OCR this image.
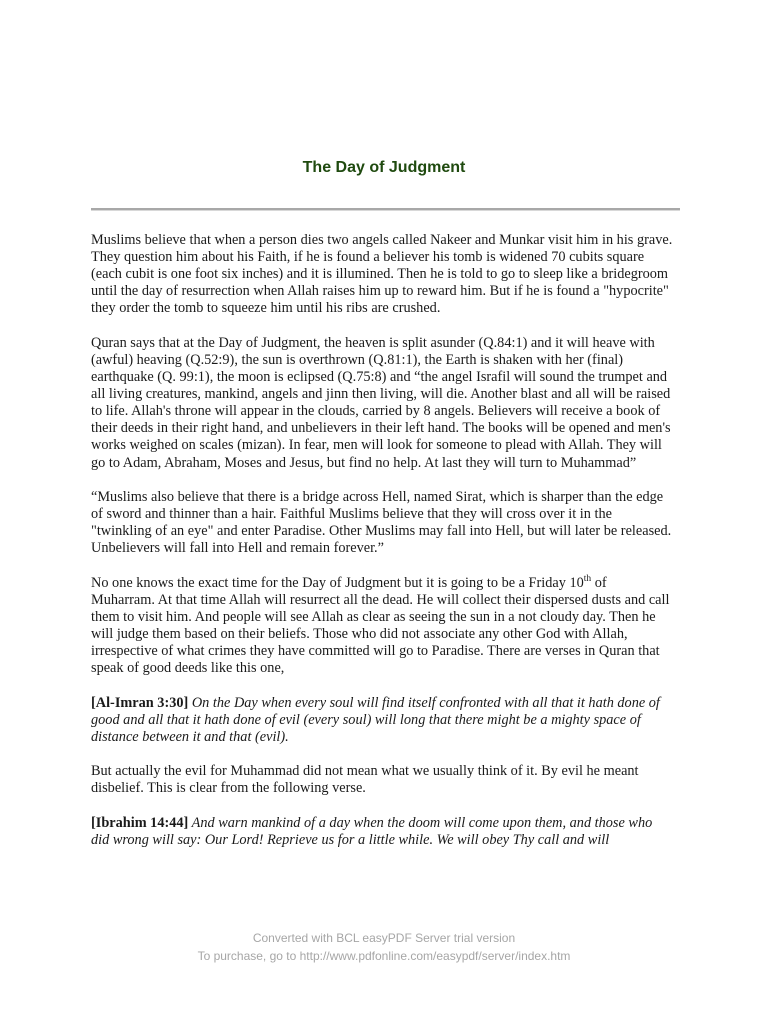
The Day of Judgment

Muslims believe that when a person dies two angels called Nakeer and Munkar visit him in his grave. They question him about his Faith, if he is found a believer his tomb is widened 70 cubits square (each cubit is one foot six inches) and it is illumined. Then he is told to go to sleep like a bridegroom until the day of resurrection when Allah raises him up to reward him. But if he is found a "hypocrite" they order the tomb to squeeze him until his ribs are crushed.

Quran says that at the Day of Judgment, the heaven is split asunder (Q.84:1) and it will heave with (awful) heaving (Q.52:9), the sun is overthrown (Q.81:1), the Earth is shaken with her (final) earthquake (Q. 99:1), the moon is eclipsed (Q.75:8) and “the angel Israfil will sound the trumpet and all living creatures, mankind, angels and jinn then living, will die. Another blast and all will be raised to life. Allah's throne will appear in the clouds, carried by 8 angels. Believers will receive a book of their deeds in their right hand, and unbelievers in their left hand. The books will be opened and men's works weighed on scales (mizan). In fear, men will look for someone to plead with Allah. They will go to Adam, Abraham, Moses and Jesus, but find no help. At last they will turn to Muhammad”

“Muslims also believe that there is a bridge across Hell, named Sirat, which is sharper than the edge of sword and thinner than a hair. Faithful Muslims believe that they will cross over it in the "twinkling of an eye" and enter Paradise. Other Muslims may fall into Hell, but will later be released. Unbelievers will fall into Hell and remain forever.”

No one knows the exact time for the Day of Judgment but it is going to be a Friday 10th of Muharram. At that time Allah will resurrect all the dead. He will collect their dispersed dusts and call them to visit him. And people will see Allah as clear as seeing the sun in a not cloudy day. Then he will judge them based on their beliefs. Those who did not associate any other God with Allah, irrespective of what crimes they have committed will go to Paradise. There are verses in Quran that speak of good deeds like this one,

[Al-Imran 3:30] On the Day when every soul will find itself confronted with all that it hath done of good and all that it hath done of evil (every soul) will long that there might be a mighty space of distance between it and that (evil).

But actually the evil for Muhammad did not mean what we usually think of it. By evil he meant disbelief. This is clear from the following verse.

[Ibrahim 14:44] And warn mankind of a day when the doom will come upon them, and those who did wrong will say: Our Lord! Reprieve us for a little while. We will obey Thy call and will

Converted with BCL easyPDF Server trial version
To purchase, go to http://www.pdfonline.com/easypdf/server/index.htm
